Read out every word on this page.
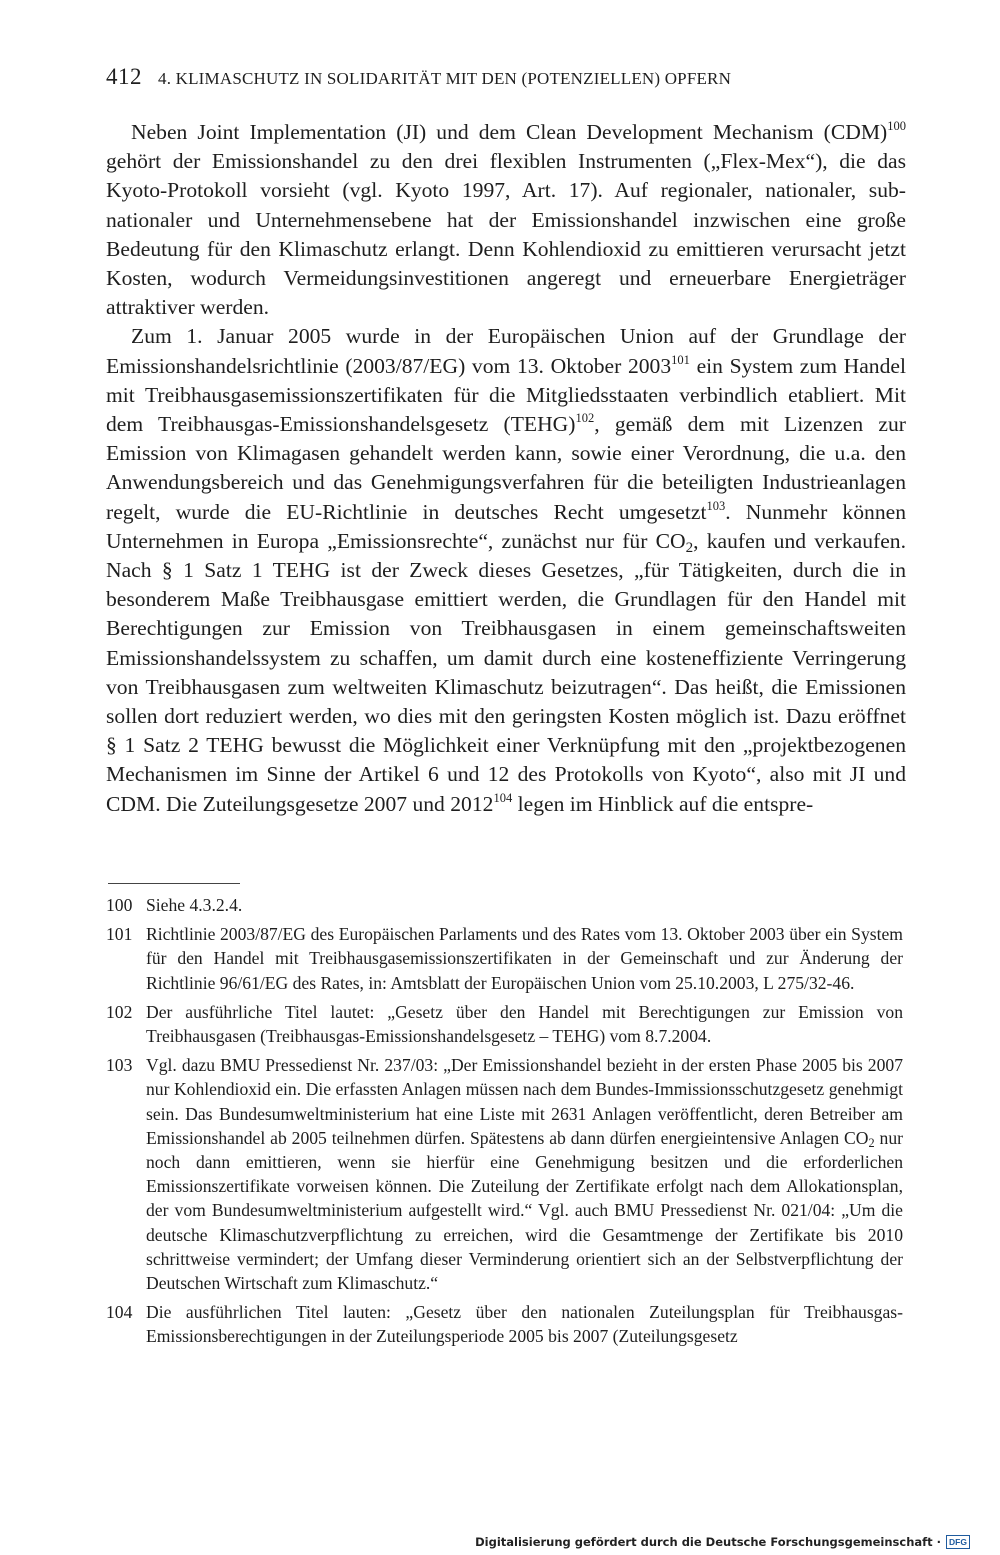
412 4. KLIMASCHUTZ IN SOLIDARITÄT MIT DEN (POTENZIELLEN) OPFERN

Neben Joint Implementation (JI) und dem Clean Development Mechanism (CDM)$^{100}$ gehört der Emissionshandel zu den drei flexiblen Instrumenten („Flex-Mex“), die das Kyoto-Protokoll vorsieht (vgl. Kyoto 1997, Art. 17). Auf regionaler, nationaler, sub-nationaler und Unternehmensebene hat der Emissionshandel inzwischen eine große Bedeutung für den Klimaschutz erlangt. Denn Kohlendioxid zu emittieren verursacht jetzt Kosten, wodurch Vermeidungsinvestitionen angeregt und erneuerbare Energieträger attraktiver werden.

Zum 1. Januar 2005 wurde in der Europäischen Union auf der Grundlage der Emissionshandelsrichtlinie (2003/87/EG) vom 13. Oktober 2003$^{101}$ ein System zum Handel mit Treibhausgasemissionszertifikaten für die Mitgliedsstaaten verbindlich etabliert. Mit dem Treibhausgas-Emissionshandelsgesetz (TEHG)$^{102}$, gemäß dem mit Lizenzen zur Emission von Klimagasen gehandelt werden kann, sowie einer Verordnung, die u.a. den Anwendungsbereich und das Genehmigungsverfahren für die beteiligten Industrieanlagen regelt, wurde die EU-Richtlinie in deutsches Recht umgesetzt$^{103}$. Nunmehr können Unternehmen in Europa „Emissionsrechte“, zunächst nur für $CO_2$, kaufen und verkaufen. Nach § 1 Satz 1 TEHG ist der Zweck dieses Gesetzes, „für Tätigkeiten, durch die in besonderem Maße Treibhausgase emittiert werden, die Grundlagen für den Handel mit Berechtigungen zur Emission von Treibhausgasen in einem gemeinschaftsweiten Emissionshandelssystem zu schaffen, um damit durch eine kosteneffiziente Verringerung von Treibhausgasen zum weltweiten Klimaschutz beizutragen“. Das heißt, die Emissionen sollen dort reduziert werden, wo dies mit den geringsten Kosten möglich ist. Dazu eröffnet § 1 Satz 2 TEHG bewusst die Möglichkeit einer Verknüpfung mit den „projektbezogenen Mechanismen im Sinne der Artikel 6 und 12 des Protokolls von Kyoto“, also mit JI und CDM. Die Zuteilungsgesetze 2007 und 2012$^{104}$ legen im Hinblick auf die entspre-

100 Siehe 4.3.2.4.
101 Richtlinie 2003/87/EG des Europäischen Parlaments und des Rates vom 13. Oktober 2003 über ein System für den Handel mit Treibhausgasemissionszertifikaten in der Gemeinschaft und zur Änderung der Richtlinie 96/61/EG des Rates, in: Amtsblatt der Europäischen Union vom 25.10.2003, L 275/32-46.
102 Der ausführliche Titel lautet: „Gesetz über den Handel mit Berechtigungen zur Emission von Treibhausgasen (Treibhausgas-Emissionshandelsgesetz – TEHG) vom 8.7.2004.
103 Vgl. dazu BMU Pressedienst Nr. 237/03: „Der Emissionshandel bezieht in der ersten Phase 2005 bis 2007 nur Kohlendioxid ein. Die erfassten Anlagen müssen nach dem Bundes-Immissionsschutzgesetz genehmigt sein. Das Bundesumweltministerium hat eine Liste mit 2631 Anlagen veröffentlicht, deren Betreiber am Emissionshandel ab 2005 teilnehmen dürfen. Spätestens ab dann dürfen energieintensive Anlagen $CO_2$ nur noch dann emittieren, wenn sie hierfür eine Genehmigung besitzen und die erforderlichen Emissionszertifikate vorweisen können. Die Zuteilung der Zertifikate erfolgt nach dem Allokationsplan, der vom Bundesumweltministerium aufgestellt wird.“ Vgl. auch BMU Pressedienst Nr. 021/04: „Um die deutsche Klimaschutzverpflichtung zu erreichen, wird die Gesamtmenge der Zertifikate bis 2010 schrittweise vermindert; der Umfang dieser Verminderung orientiert sich an der Selbstverpflichtung der Deutschen Wirtschaft zum Klimaschutz.“
104 Die ausführlichen Titel lauten: „Gesetz über den nationalen Zuteilungsplan für Treibhausgas-Emissionsberechtigungen in der Zuteilungsperiode 2005 bis 2007 (Zuteilungsgesetz
Digitalisierung gefördert durch die Deutsche Forschungsgemeinschaft · DFG
